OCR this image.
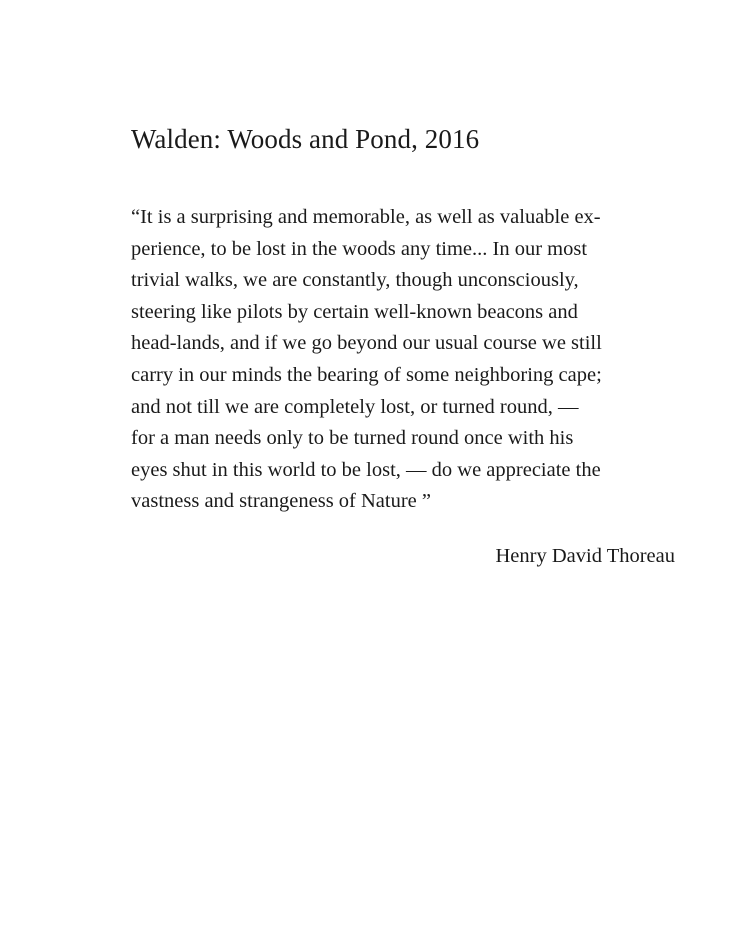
Walden: Woods and Pond, 2016
“It is a surprising and memorable, as well as valuable ex-
perience, to be lost in the woods any time... In our most
trivial walks, we are constantly, though unconsciously,
steering like pilots by certain well-known beacons and
head-lands, and if we go beyond our usual course we still
carry in our minds the bearing of some neighboring cape;
and not till we are completely lost, or turned round, —
for a man needs only to be turned round once with his
eyes shut in this world to be lost, — do we appreciate the
vastness and strangeness of Nature ”

Henry David Thoreau
